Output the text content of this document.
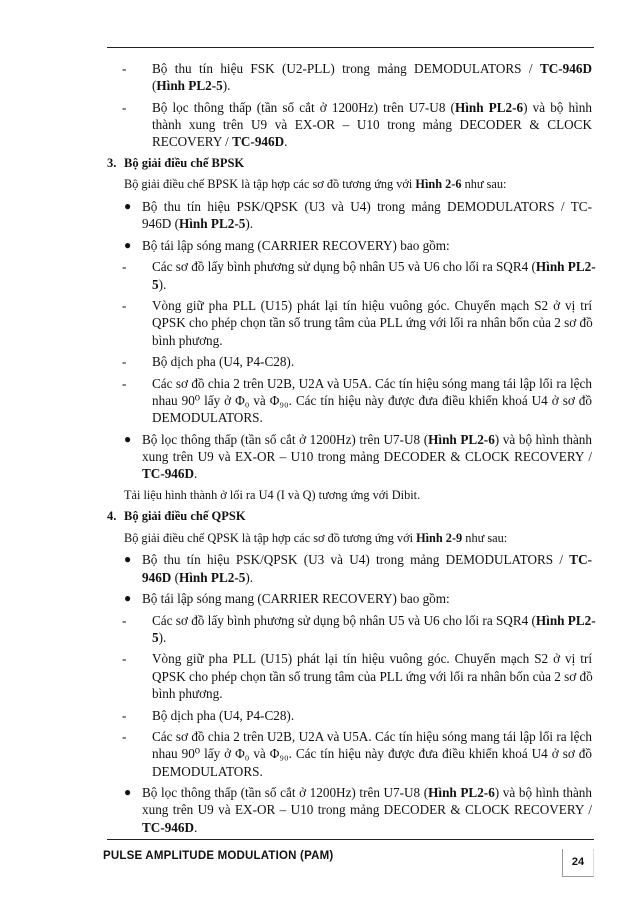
- Bộ thu tín hiệu FSK (U2-PLL) trong mảng DEMODULATORS / TC-946D
(Hình PL2-5).
- Bộ lọc thông thấp (tần số cắt ở 1200Hz) trên U7-U8 (Hình PL2-6) và bộ hình
thành xung trên U9 và EX-OR – U10 trong mảng DECODER & CLOCK
RECOVERY / TC-946D.
3. Bộ giải điều chế BPSK
Bộ giải điều chế BPSK là tập hợp các sơ đồ tương ứng với Hình 2-6 như sau:
● Bộ thu tín hiệu PSK/QPSK (U3 và U4) trong mảng DEMODULATORS / TC-
946D (Hình PL2-5).
● Bộ tái lập sóng mang (CARRIER RECOVERY) bao gồm:
- Các sơ đồ lấy bình phương sử dụng bộ nhân U5 và U6 cho lối ra SQR4 (Hình PL2-
5).
- Vòng giữ pha PLL (U15) phát lại tín hiệu vuông góc. Chuyển mạch S2 ở vị trí
QPSK cho phép chọn tần số trung tâm của PLL ứng với lối ra nhân bốn của 2 sơ đồ
bình phương.
- Bộ dịch pha (U4, P4-C28).
- Các sơ đồ chia 2 trên U2B, U2A và U5A. Các tín hiệu sóng mang tái lập lối ra lệch
nhau 90⁰ lấy ở Φ₀ và Φ₉₀. Các tín hiệu này được đưa điều khiển khoá U4 ở sơ đồ
DEMODULATORS.
● Bộ lọc thông thấp (tần số cắt ở 1200Hz) trên U7-U8 (Hình PL2-6) và bộ hình thành
xung trên U9 và EX-OR – U10 trong mảng DECODER & CLOCK RECOVERY /
TC-946D.
Tải liệu hình thành ở lối ra U4 (I và Q) tương ứng với Dibit.
4. Bộ giải điều chế QPSK
Bộ giải điều chế QPSK là tập hợp các sơ đồ tương ứng với Hình 2-9 như sau:
● Bộ thu tín hiệu PSK/QPSK (U3 và U4) trong mảng DEMODULATORS / TC-
946D (Hình PL2-5).
● Bộ tái lập sóng mang (CARRIER RECOVERY) bao gồm:
- Các sơ đồ lấy bình phương sử dụng bộ nhân U5 và U6 cho lối ra SQR4 (Hình PL2-
5).
- Vòng giữ pha PLL (U15) phát lại tín hiệu vuông góc. Chuyển mạch S2 ở vị trí
QPSK cho phép chọn tần số trung tâm của PLL ứng với lối ra nhân bốn của 2 sơ đồ
bình phương.
- Bộ dịch pha (U4, P4-C28).
- Các sơ đồ chia 2 trên U2B, U2A và U5A. Các tín hiệu sóng mang tái lập lối ra lệch
nhau 90⁰ lấy ở Φ₀ và Φ₉₀. Các tín hiệu này được đưa điều khiển khoá U4 ở sơ đồ
DEMODULATORS.
● Bộ lọc thông thấp (tần số cắt ở 1200Hz) trên U7-U8 (Hình PL2-6) và bộ hình thành
xung trên U9 và EX-OR – U10 trong mảng DECODER & CLOCK RECOVERY /
TC-946D.
PULSE AMPLITUDE MODULATION (PAM)	24
